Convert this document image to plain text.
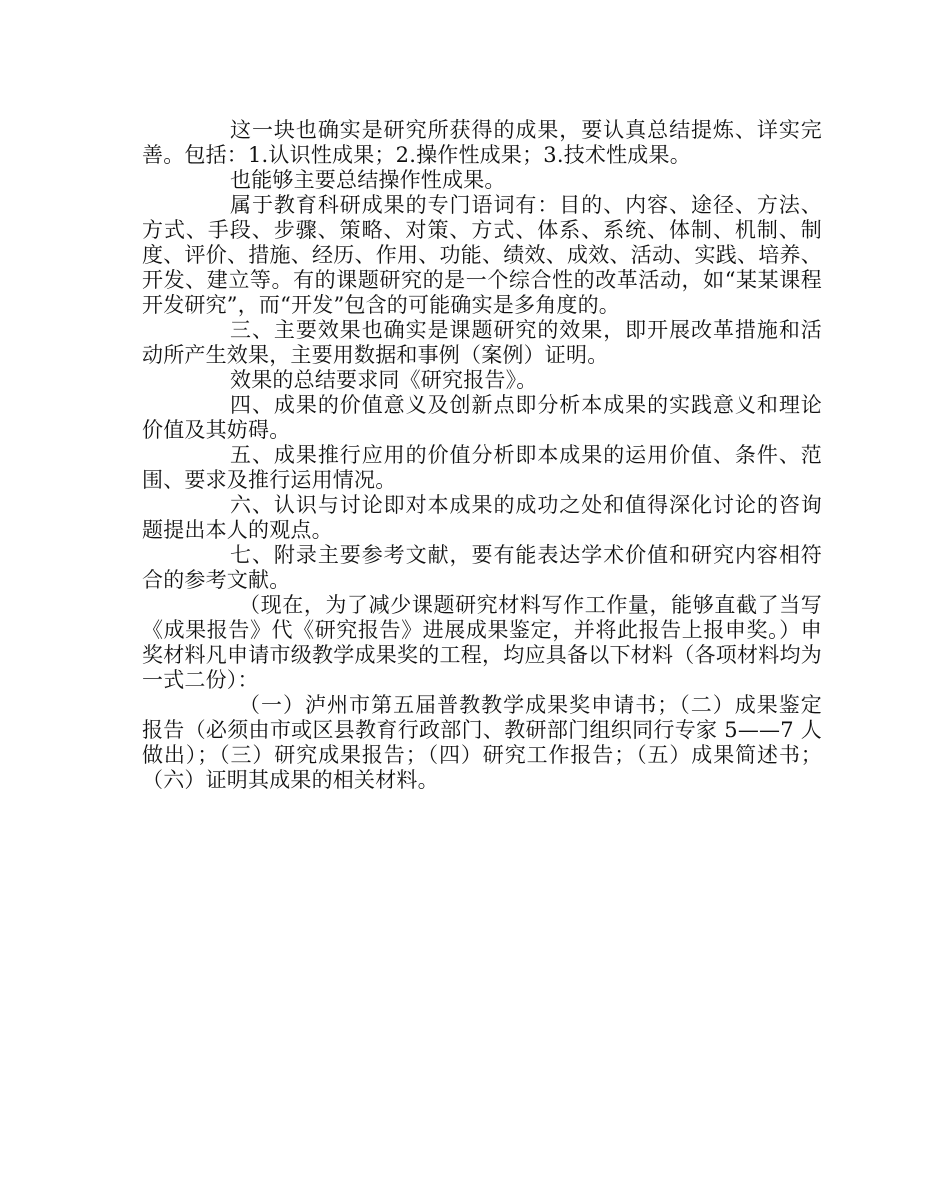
这一块也确实是研究所获得的成果，要认真总结提炼、详实完善。包括：1.认识性成果；2.操作性成果；3.技术性成果。

也能够主要总结操作性成果。

属于教育科研成果的专门语词有：目的、内容、途径、方法、方式、手段、步骤、策略、对策、方式、体系、系统、体制、机制、制度、评价、措施、经历、作用、功能、绩效、成效、活动、实践、培养、开发、建立等。有的课题研究的是一个综合性的改革活动，如“某某课程开发研究”，而“开发”包含的可能确实是多角度的。

三、主要效果也确实是课题研究的效果，即开展改革措施和活动所产生效果，主要用数据和事例（案例）证明。

效果的总结要求同《研究报告》。

四、成果的价值意义及创新点即分析本成果的实践意义和理论价值及其妨碍。

五、成果推行应用的价值分析即本成果的运用价值、条件、范围、要求及推行运用情况。

六、认识与讨论即对本成果的成功之处和值得深化讨论的咨询题提出本人的观点。

七、附录主要参考文献，要有能表达学术价值和研究内容相符合的参考文献。

（现在，为了减少课题研究材料写作工作量，能够直截了当写《成果报告》代《研究报告》进展成果鉴定，并将此报告上报申奖。）申奖材料凡申请市级教学成果奖的工程，均应具备以下材料（各项材料均为一式二份）：

（一）泸州市第五届普教教学成果奖申请书；（二）成果鉴定报告（必须由市或区县教育行政部门、教研部门组织同行专家 5——7 人做出）；（三）研究成果报告；（四）研究工作报告；（五）成果简述书；（六）证明其成果的相关材料。
